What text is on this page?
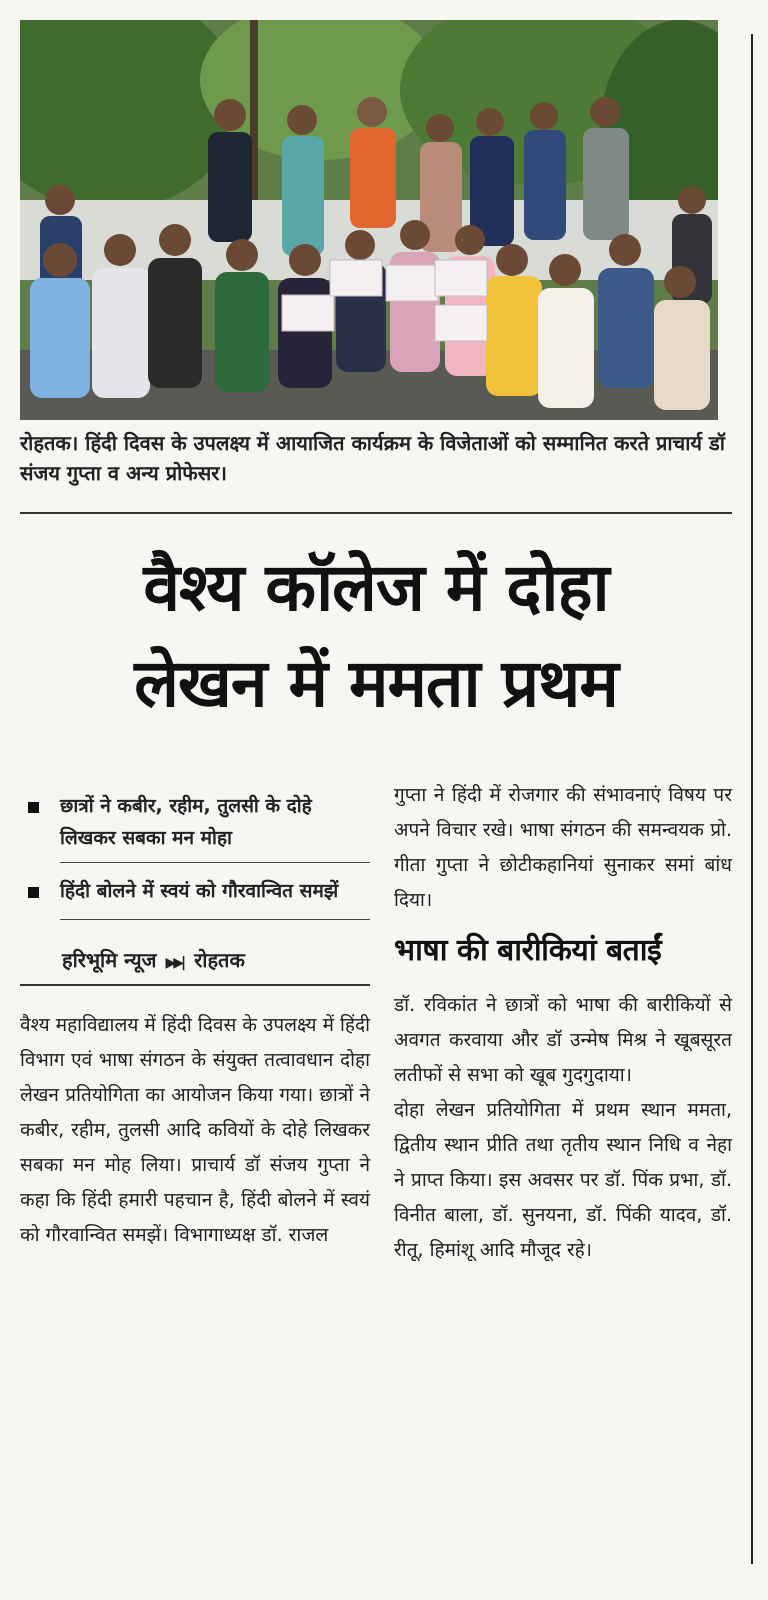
रोहतक। हिंदी दिवस के उपलक्ष्य में आयाजित कार्यक्रम के विजेताओं को सम्मानित करते प्राचार्य डॉ संजय गुप्ता व अन्य प्रोफेसर।
वैश्य कॉलेज में दोहा
लेखन में ममता प्रथम
छात्रों ने कबीर, रहीम, तुलसी के दोहे लिखकर सबका मन मोहा
हिंदी बोलने में स्वयं को गौरवान्वित समझें
हरिभूमि न्यूज ▶▶| रोहतक
वैश्य महाविद्यालय में हिंदी दिवस के उपलक्ष्य में हिंदी विभाग एवं भाषा संगठन के संयुक्त तत्वावधान दोहा लेखन प्रतियोगिता का आयोजन किया गया। छात्रों ने कबीर, रहीम, तुलसी आदि कवियों के दोहे लिखकर सबका मन मोह लिया। प्राचार्य डॉ संजय गुप्ता ने कहा कि हिंदी हमारी पहचान है, हिंदी बोलने में स्वयं को गौरवान्वित समझें। विभागाध्यक्ष डॉ. राजल
गुप्ता ने हिंदी में रोजगार की संभावनाएं विषय पर अपने विचार रखे। भाषा संगठन की समन्वयक प्रो. गीता गुप्ता ने छोटीकहानियां सुनाकर समां बांध दिया।
भाषा की बारीकियां बताईं
डॉ. रविकांत ने छात्रों को भाषा की बारीकियों से अवगत करवाया और डॉ उन्मेष मिश्र ने खूबसूरत लतीफों से सभा को खूब गुदगुदाया।
दोहा लेखन प्रतियोगिता में प्रथम स्थान ममता, द्वितीय स्थान प्रीति तथा तृतीय स्थान निधि व नेहा ने प्राप्त किया। इस अवसर पर डॉ. पिंक प्रभा, डॉ. विनीत बाला, डॉ. सुनयना, डॉ. पिंकी यादव, डॉ. रीतू, हिमांशू आदि मौजूद रहे।
